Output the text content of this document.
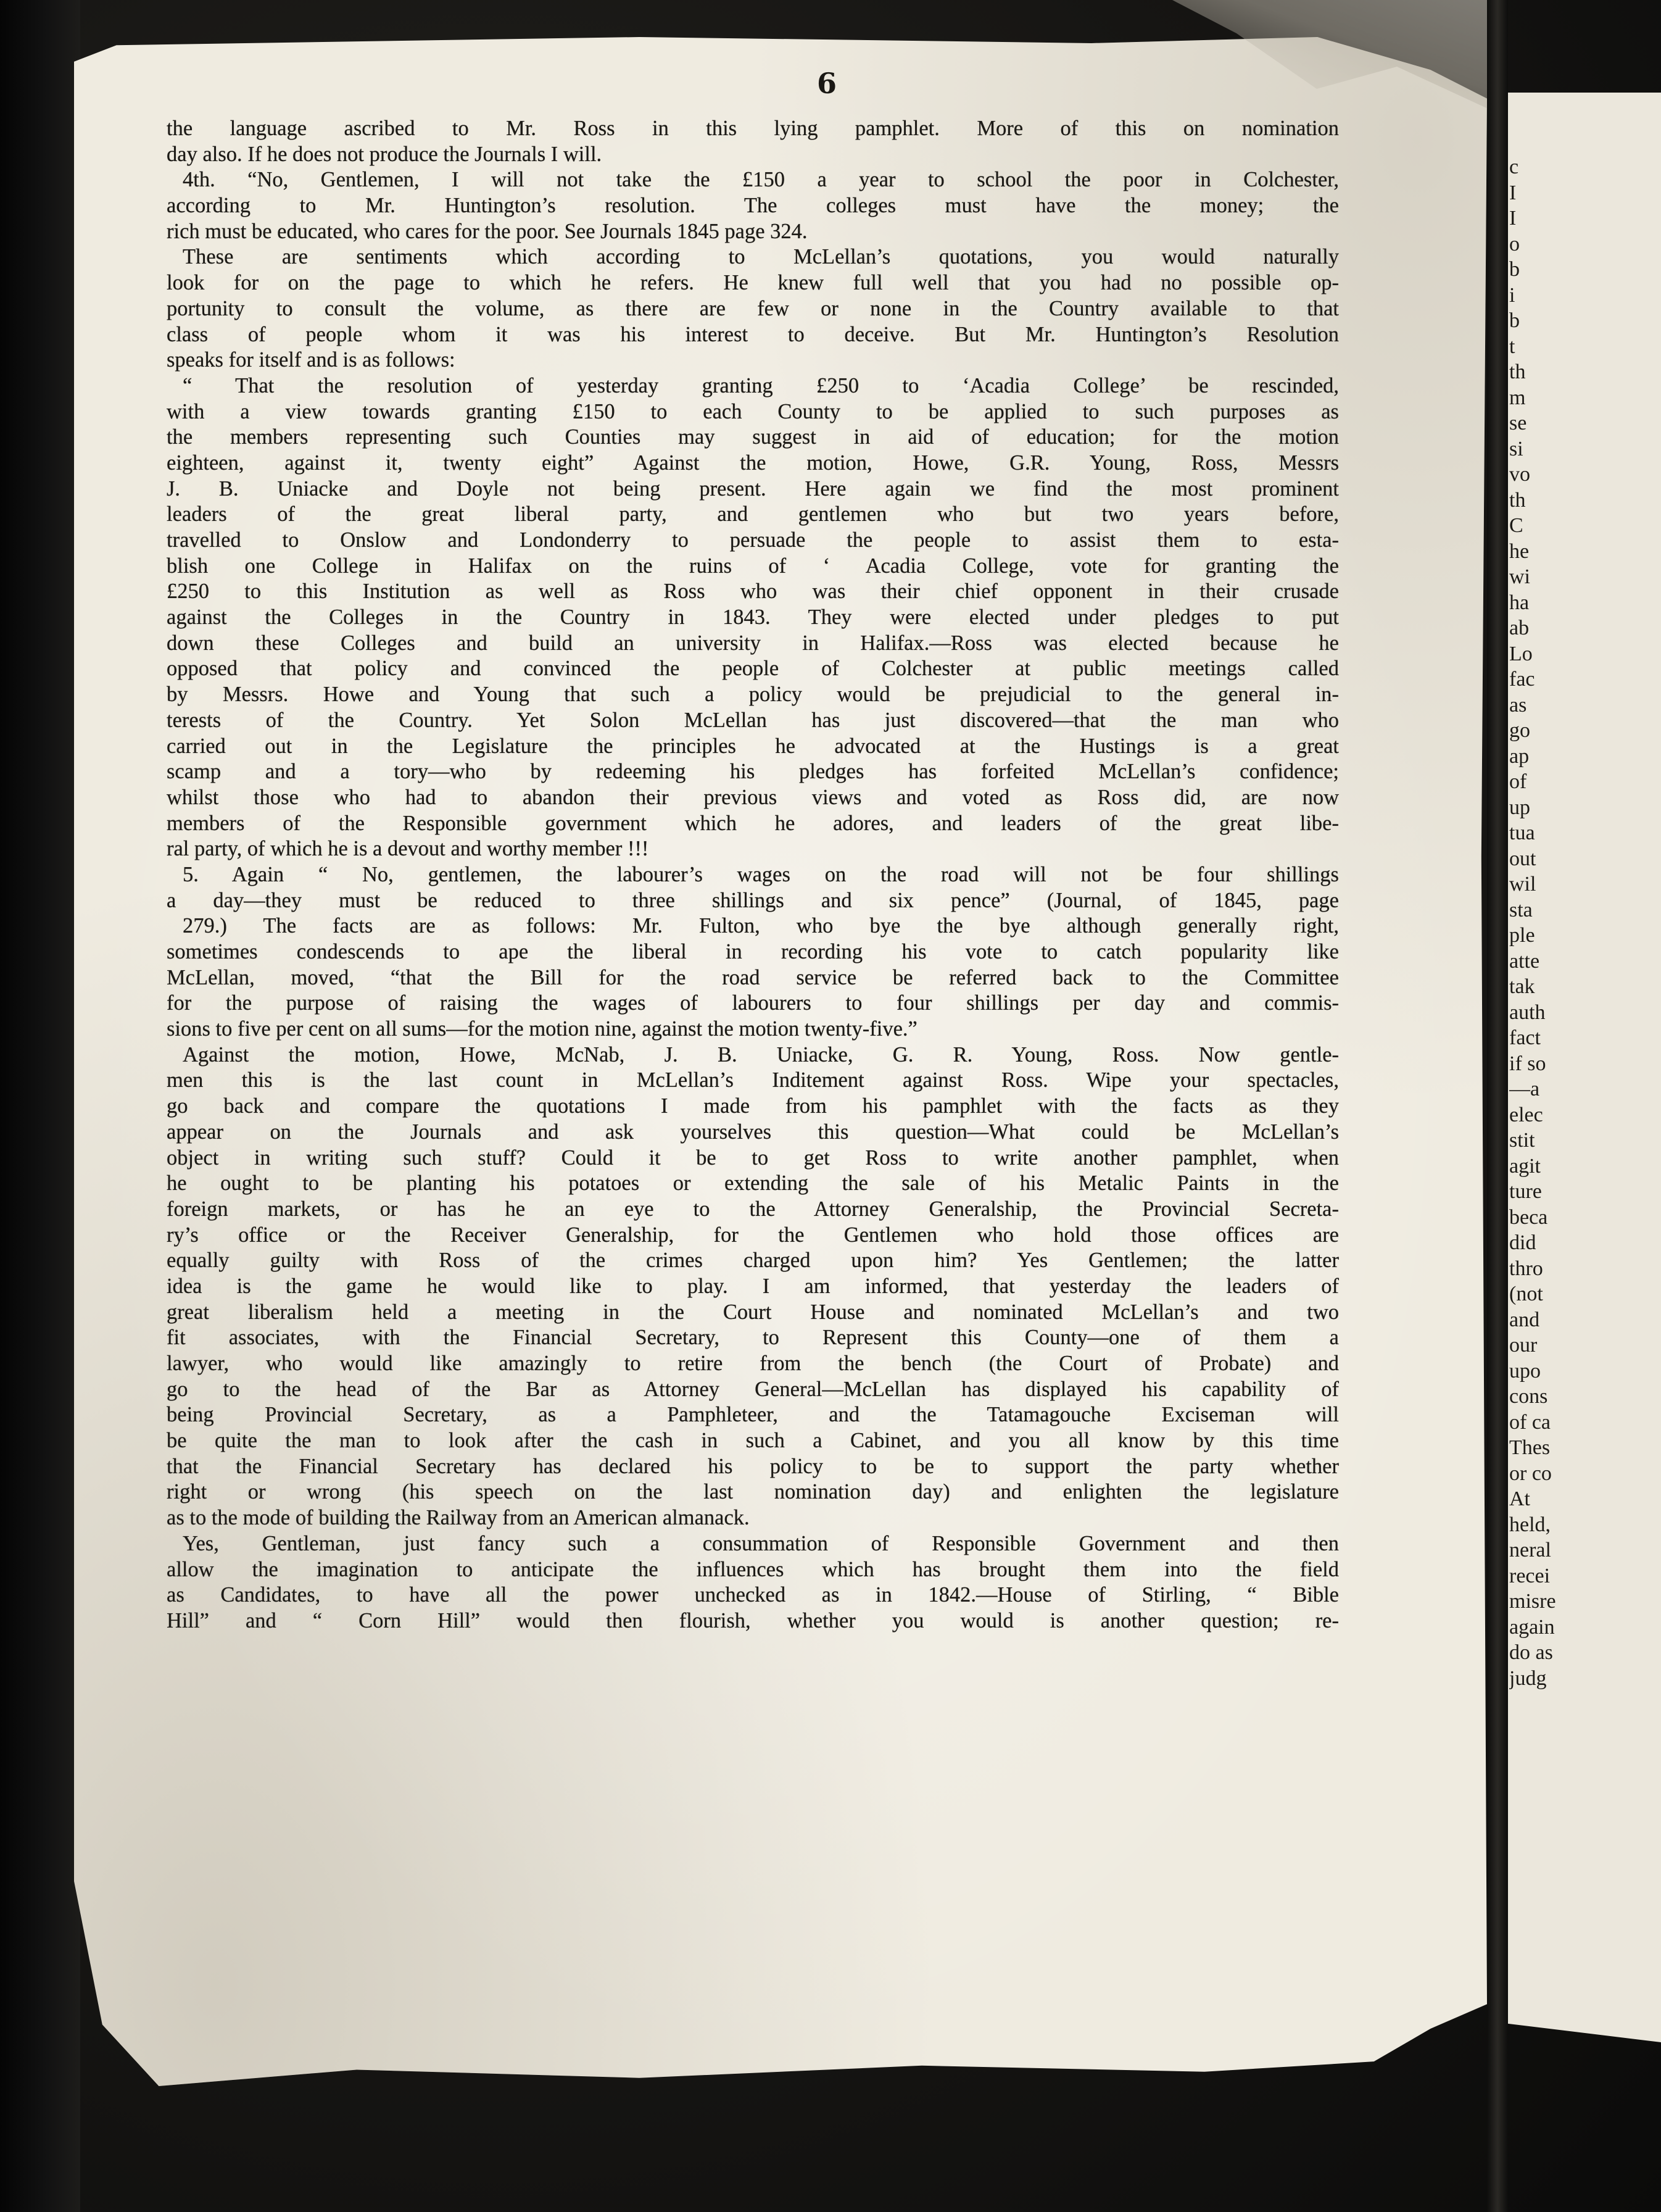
c
I
I
o
b
i
b
t
th
m
se
si
vo
th
C
he
wi
ha
ab
Lo
fac
as
go
ap
of
up
tua
out
wil
sta
ple
atte
tak
auth
fact
if so
—a
elec
stit
agit
ture
beca
did
thro
(not
and
our
upo
cons
of ca
Thes
or co
At
held,
neral
recei
misre
again
do as
judg
6
the language ascribed to Mr. Ross in this lying pamphlet. More of this on nomination
day also. If he does not produce the Journals I will.
4th. “No, Gentlemen, I will not take the £150 a year to school the poor in Colchester,
according to Mr. Huntington’s resolution. The colleges must have the money; the
rich must be educated, who cares for the poor. See Journals 1845 page 324.
These are sentiments which according to McLellan’s quotations, you would naturally
look for on the page to which he refers. He knew full well that you had no possible op-
portunity to consult the volume, as there are few or none in the Country available to that
class of people whom it was his interest to deceive. But Mr. Huntington’s Resolution
speaks for itself and is as follows:
“ That the resolution of yesterday granting £250 to ‘Acadia College’ be rescinded,
with a view towards granting £150 to each County to be applied to such purposes as
the members representing such Counties may suggest in aid of education; for the motion
eighteen, against it, twenty eight” Against the motion, Howe, G.R. Young, Ross, Messrs
J. B. Uniacke and Doyle not being present. Here again we find the most prominent
leaders of the great liberal party, and gentlemen who but two years before,
travelled to Onslow and Londonderry to persuade the people to assist them to esta-
blish one College in Halifax on the ruins of ‘ Acadia College, vote for granting the
£250 to this Institution as well as Ross who was their chief opponent in their crusade
against the Colleges in the Country in 1843. They were elected under pledges to put
down these Colleges and build an university in Halifax.—Ross was elected because he
opposed that policy and convinced the people of Colchester at public meetings called
by Messrs. Howe and Young that such a policy would be prejudicial to the general in-
terests of the Country. Yet Solon McLellan has just discovered—that the man who
carried out in the Legislature the principles he advocated at the Hustings is a great
scamp and a tory—who by redeeming his pledges has forfeited McLellan’s confidence;
whilst those who had to abandon their previous views and voted as Ross did, are now
members of the Responsible government which he adores, and leaders of the great libe-
ral party, of which he is a devout and worthy member !!!
5. Again “ No, gentlemen, the labourer’s wages on the road will not be four shillings
a day—they must be reduced to three shillings and six pence” (Journal, of 1845, page
279.) The facts are as follows: Mr. Fulton, who bye the bye although generally right,
sometimes condescends to ape the liberal in recording his vote to catch popularity like
McLellan, moved, “that the Bill for the road service be referred back to the Committee
for the purpose of raising the wages of labourers to four shillings per day and commis-
sions to five per cent on all sums—for the motion nine, against the motion twenty-five.”
Against the motion, Howe, McNab, J. B. Uniacke, G. R. Young, Ross. Now gentle-
men this is the last count in McLellan’s Inditement against Ross. Wipe your spectacles,
go back and compare the quotations I made from his pamphlet with the facts as they
appear on the Journals and ask yourselves this question—What could be McLellan’s
object in writing such stuff? Could it be to get Ross to write another pamphlet, when
he ought to be planting his potatoes or extending the sale of his Metalic Paints in the
foreign markets, or has he an eye to the Attorney Generalship, the Provincial Secreta-
ry’s office or the Receiver Generalship, for the Gentlemen who hold those offices are
equally guilty with Ross of the crimes charged upon him? Yes Gentlemen; the latter
idea is the game he would like to play. I am informed, that yesterday the leaders of
great liberalism held a meeting in the Court House and nominated McLellan’s and two
fit associates, with the Financial Secretary, to Represent this County—one of them a
lawyer, who would like amazingly to retire from the bench (the Court of Probate) and
go to the head of the Bar as Attorney General—McLellan has displayed his capability of
being Provincial Secretary, as a Pamphleteer, and the Tatamagouche Exciseman will
be quite the man to look after the cash in such a Cabinet, and you all know by this time
that the Financial Secretary has declared his policy to be to support the party whether
right or wrong (his speech on the last nomination day) and enlighten the legislature
as to the mode of building the Railway from an American almanack.
Yes, Gentleman, just fancy such a consummation of Responsible Government and then
allow the imagination to anticipate the influences which has brought them into the field
as Candidates, to have all the power unchecked as in 1842.—House of Stirling, “ Bible
Hill” and “ Corn Hill” would then flourish, whether you would is another question; re-
